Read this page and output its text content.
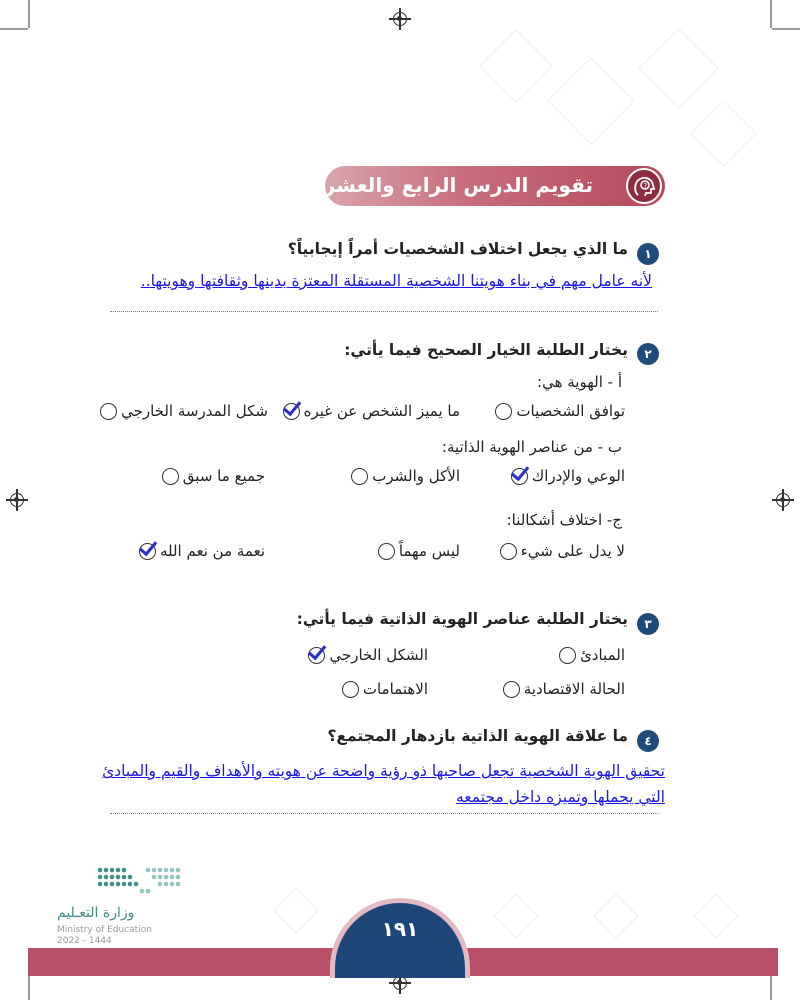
تقويم الدرس الرابع والعشرين	?
١
ما الذي يجعل اختلاف الشخصيات أمراً إيجابياً؟
لأنه عامل مهم في بناء هويتنا الشخصية المستقلة المعتزة بدينها وثقافتها وهويتها..
٢
يختار الطلبة الخيار الصحيح فيما يأتي:
أ - الهوية هي:
توافق الشخصيات
ما يميز الشخص عن غيره
شكل المدرسة الخارجي
ب - من عناصر الهوية الذاتية:
الوعي والإدراك
الأكل والشرب
جميع ما سبق
ج- اختلاف أشكالنا:
لا يدل على شيء
ليس مهماً
نعمة من نعم الله
٣
يختار الطلبة عناصر الهوية الذاتية فيما يأتي:
المبادئ
الشكل الخارجي
الحالة الاقتصادية
الاهتمامات
٤
ما علاقة الهوية الذاتية بازدهار المجتمع؟
تحقيق الهوية الشخصية تجعل صاحبها ذو رؤية واضحة عن هويته والأهداف والقيم والمبادئ
التي يحملها وتميزه داخل مجتمعه
وزارة التعـليم
Ministry of Education
2022 - 1444	١٩١
